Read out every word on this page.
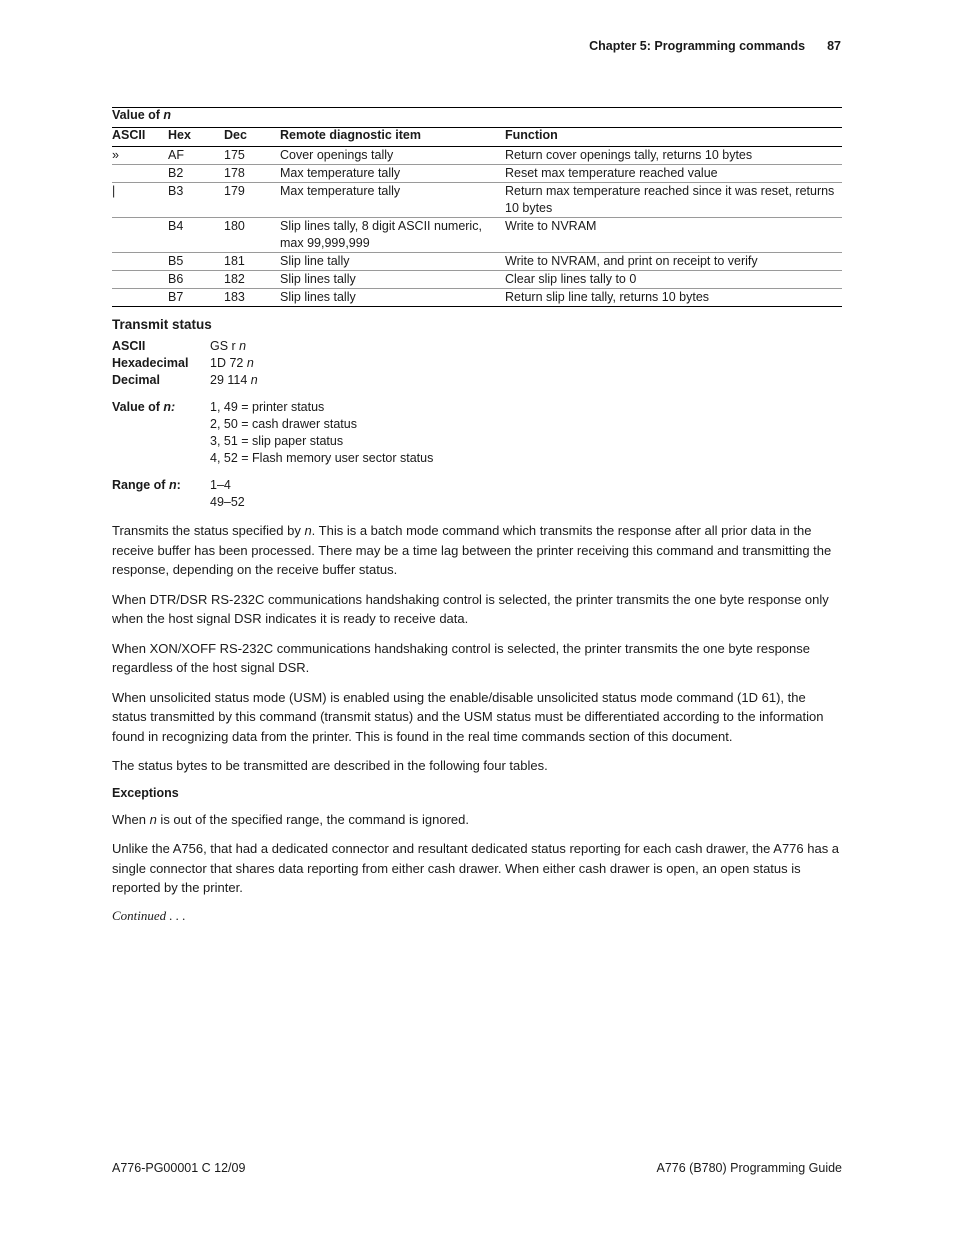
Chapter 5: Programming commands 87
Value of n				
ASCII	Hex	Dec	Remote diagnostic item	Function
»	AF	175	Cover openings tally	Return cover openings tally, returns 10 bytes
	B2	178	Max temperature tally	Reset max temperature reached value
|	B3	179	Max temperature tally	Return max temperature reached since it was reset, returns 10 bytes
	B4	180	Slip lines tally, 8 digit ASCII numeric, max 99,999,999	Write to NVRAM
	B5	181	Slip line tally	Write to NVRAM, and print on receipt to verify
	B6	182	Slip lines tally	Clear slip lines tally to 0
	B7	183	Slip lines tally	Return slip line tally, returns 10 bytes
Transmit status
ASCII	GS r n
Hexadecimal	1D 72 n
Decimal	29 114 n
Value of n:	1, 49 = printer status
2, 50 = cash drawer status
3, 51 = slip paper status
4, 52 = Flash memory user sector status
Range of n:	1–4
49–52

Transmits the status specified by n. This is a batch mode command which transmits the response after all prior data in the receive buffer has been processed. There may be a time lag between the printer receiving this command and transmitting the response, depending on the receive buffer status.

When DTR/DSR RS-232C communications handshaking control is selected, the printer transmits the one byte response only when the host signal DSR indicates it is ready to receive data.

When XON/XOFF RS-232C communications handshaking control is selected, the printer transmits the one byte response regardless of the host signal DSR.

When unsolicited status mode (USM) is enabled using the enable/disable unsolicited status mode command (1D 61), the status transmitted by this command (transmit status) and the USM status must be differentiated according to the information found in recognizing data from the printer. This is found in the real time commands section of this document.

The status bytes to be transmitted are described in the following four tables.

Exceptions

When n is out of the specified range, the command is ignored.

Unlike the A756, that had a dedicated connector and resultant dedicated status reporting for each cash drawer, the A776 has a single connector that shares data reporting from either cash drawer. When either cash drawer is open, an open status is reported by the printer.

Continued . . .
A776-PG00001 C 12/09	A776 (B780) Programming Guide
